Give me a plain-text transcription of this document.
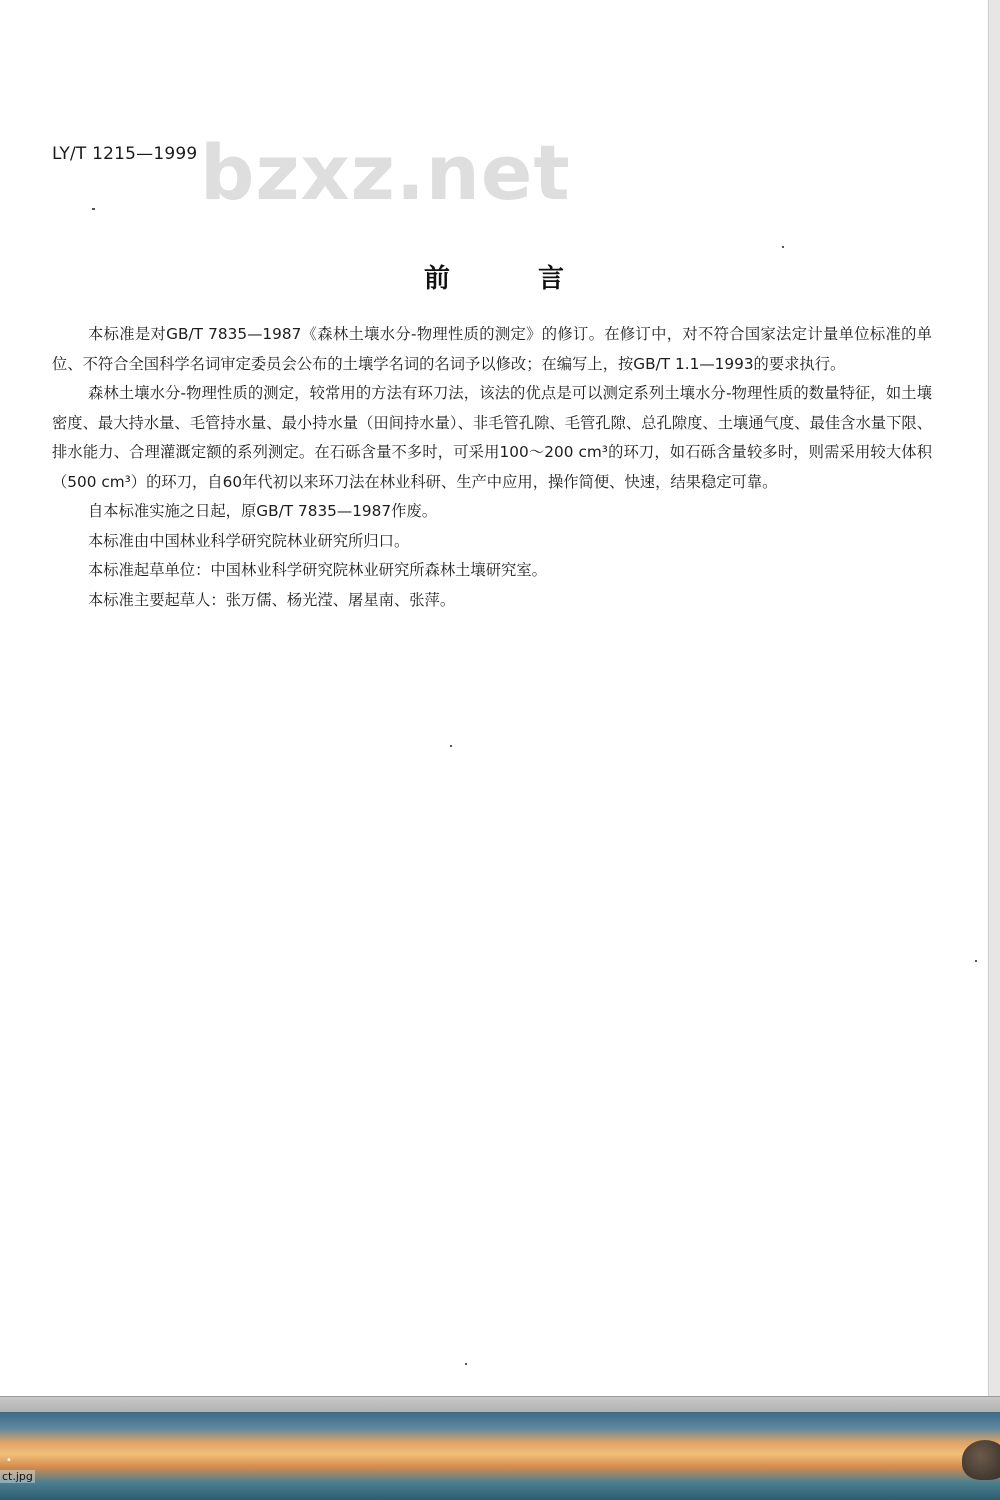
LY/T 1215—1999 bzxz.net
前	言

本标准是对GB/T 7835—1987《森林土壤水分-物理性质的测定》的修订。在修订中，对不符合国家法定计量单位标准的单位、不符合全国科学名词审定委员会公布的土壤学名词的名词予以修改；在编写上，按GB/T 1.1—1993的要求执行。

森林土壤水分-物理性质的测定，较常用的方法有环刀法，该法的优点是可以测定系列土壤水分-物理性质的数量特征，如土壤密度、最大持水量、毛管持水量、最小持水量（田间持水量）、非毛管孔隙、毛管孔隙、总孔隙度、土壤通气度、最佳含水量下限、排水能力、合理灌溉定额的系列测定。在石砾含量不多时，可采用100～200 cm³的环刀，如石砾含量较多时，则需采用较大体积（500 cm³）的环刀，自60年代初以来环刀法在林业科研、生产中应用，操作简便、快速，结果稳定可靠。

自本标准实施之日起，原GB/T 7835—1987作废。

本标准由中国林业科学研究院林业研究所归口。

本标准起草单位：中国林业科学研究院林业研究所森林土壤研究室。

本标准主要起草人：张万儒、杨光滢、屠星南、张萍。

•
ct.jpg
